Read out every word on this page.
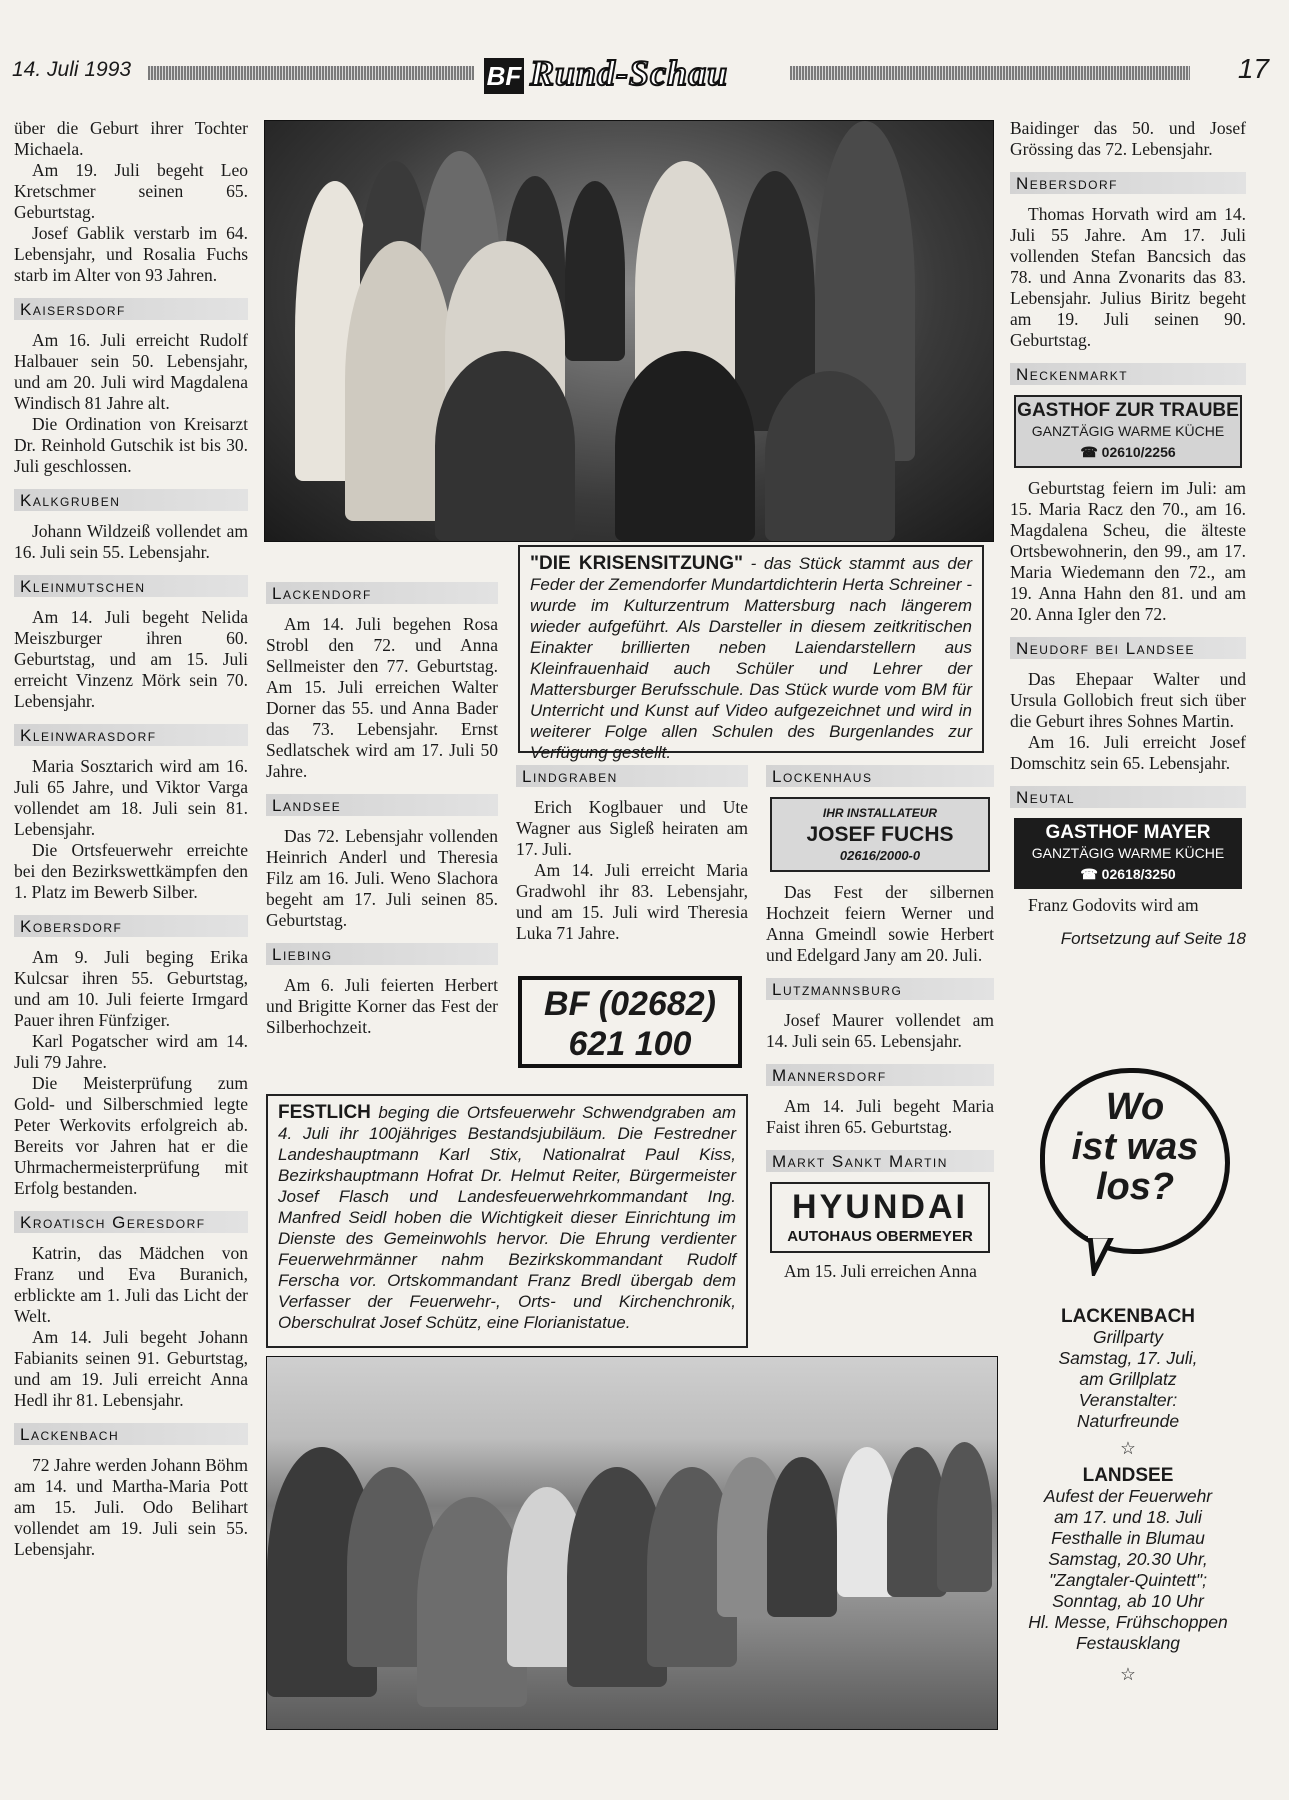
14. Juli 1993	BF Rund-Schau	17

über die Geburt ihrer Tochter Michaela.

Am 19. Juli begeht Leo Kretschmer seinen 65. Geburtstag.

Josef Gablik verstarb im 64. Lebensjahr, und Rosalia Fuchs starb im Alter von 93 Jahren.

Kaisersdorf

Am 16. Juli erreicht Rudolf Halbauer sein 50. Lebensjahr, und am 20. Juli wird Magdalena Windisch 81 Jahre alt.

Die Ordination von Kreisarzt Dr. Reinhold Gutschik ist bis 30. Juli geschlossen.

Kalkgruben

Johann Wildzeiß vollendet am 16. Juli sein 55. Lebensjahr.

Kleinmutschen

Am 14. Juli begeht Nelida Meiszburger ihren 60. Geburtstag, und am 15. Juli erreicht Vinzenz Mörk sein 70. Lebensjahr.

Kleinwarasdorf

Maria Sosztarich wird am 16. Juli 65 Jahre, und Viktor Varga vollendet am 18. Juli sein 81. Lebensjahr.

Die Ortsfeuerwehr erreichte bei den Bezirkswettkämpfen den 1. Platz im Bewerb Silber.

Kobersdorf

Am 9. Juli beging Erika Kulcsar ihren 55. Geburtstag, und am 10. Juli feierte Irmgard Pauer ihren Fünfziger.

Karl Pogatscher wird am 14. Juli 79 Jahre.

Die Meisterprüfung zum Gold- und Silberschmied legte Peter Werkovits erfolgreich ab. Bereits vor Jahren hat er die Uhrmachermeisterprüfung mit Erfolg bestanden.

Kroatisch Geresdorf

Katrin, das Mädchen von Franz und Eva Buranich, erblickte am 1. Juli das Licht der Welt.

Am 14. Juli begeht Johann Fabianits seinen 91. Geburtstag, und am 19. Juli erreicht Anna Hedl ihr 81. Lebensjahr.

Lackenbach

72 Jahre werden Johann Böhm am 14. und Martha-Maria Pott am 15. Juli. Odo Belihart vollendet am 19. Juli sein 55. Lebensjahr.

"DIE KRISENSITZUNG" - das Stück stammt aus der Feder der Zemendorfer Mundartdichterin Herta Schreiner - wurde im Kulturzentrum Mattersburg nach längerem wieder aufgeführt. Als Darsteller in diesem zeitkritischen Einakter brillierten neben Laiendarstellern aus Kleinfrauenhaid auch Schüler und Lehrer der Mattersburger Berufsschule. Das Stück wurde vom BM für Unterricht und Kunst auf Video aufgezeichnet und wird in weiterer Folge allen Schulen des Burgenlandes zur Verfügung gestellt.
Lackendorf

Am 14. Juli begehen Rosa Strobl den 72. und Anna Sellmeister den 77. Geburtstag. Am 15. Juli erreichen Walter Dorner das 55. und Anna Bader das 73. Lebensjahr. Ernst Sedlatschek wird am 17. Juli 50 Jahre.

Landsee

Das 72. Lebensjahr vollenden Heinrich Anderl und Theresia Filz am 16. Juli. Weno Slachora begeht am 17. Juli seinen 85. Geburtstag.

Liebing

Am 6. Juli feierten Herbert und Brigitte Korner das Fest der Silberhochzeit.

Lindgraben

Erich Koglbauer und Ute Wagner aus Sigleß heiraten am 17. Juli.

Am 14. Juli erreicht Maria Gradwohl ihr 83. Lebensjahr, und am 15. Juli wird Theresia Luka 71 Jahre.

BF (02682)
621 100
Lockenhaus
IHR INSTALLATEUR
JOSEF FUCHS
02616/2000-0

Das Fest der silbernen Hochzeit feiern Werner und Anna Gmeindl sowie Herbert und Edelgard Jany am 20. Juli.

Lutzmannsburg

Josef Maurer vollendet am 14. Juli sein 65. Lebensjahr.

Mannersdorf

Am 14. Juli begeht Maria Faist ihren 65. Geburtstag.

Markt Sankt Martin
HYUNDAI
AUTOHAUS OBERMEYER

Am 15. Juli erreichen Anna

FESTLICH beging die Ortsfeuerwehr Schwendgraben am 4. Juli ihr 100jähriges Bestandsjubiläum. Die Festredner Landeshauptmann Karl Stix, Nationalrat Paul Kiss, Bezirkshauptmann Hofrat Dr. Helmut Reiter, Bürgermeister Josef Flasch und Landesfeuerwehrkommandant Ing. Manfred Seidl hoben die Wichtigkeit dieser Einrichtung im Dienste des Gemeinwohls hervor. Die Ehrung verdienter Feuerwehrmänner nahm Bezirkskommandant Rudolf Ferscha vor. Ortskommandant Franz Bredl übergab dem Verfasser der Feuerwehr-, Orts- und Kirchenchronik, Oberschulrat Josef Schütz, eine Florianistatue.

Baidinger das 50. und Josef Grössing das 72. Lebensjahr.

Nebersdorf

Thomas Horvath wird am 14. Juli 55 Jahre. Am 17. Juli vollenden Stefan Bancsich das 78. und Anna Zvonarits das 83. Lebensjahr. Julius Biritz begeht am 19. Juli seinen 90. Geburtstag.

Neckenmarkt
GASTHOF ZUR TRAUBE
GANZTÄGIG WARME KÜCHE
☎ 02610/2256

Geburtstag feiern im Juli: am 15. Maria Racz den 70., am 16. Magdalena Scheu, die älteste Ortsbewohnerin, den 99., am 17. Maria Wiedemann den 72., am 19. Anna Hahn den 81. und am 20. Anna Igler den 72.

Neudorf bei Landsee

Das Ehepaar Walter und Ursula Gollobich freut sich über die Geburt ihres Sohnes Martin.

Am 16. Juli erreicht Josef Domschitz sein 65. Lebensjahr.

Neutal
GASTHOF MAYER
GANZTÄGIG WARME KÜCHE
☎ 02618/3250

Franz Godovits wird am

Fortsetzung auf Seite 18

Wo
ist was
los?
LACKENBACH
Grillparty
Samstag, 17. Juli,
am Grillplatz
Veranstalter:
Naturfreunde
☆
LANDSEE
Aufest der Feuerwehr
am 17. und 18. Juli
Festhalle in Blumau
Samstag, 20.30 Uhr,
"Zangtaler-Quintett";
Sonntag, ab 10 Uhr
Hl. Messe, Frühschoppen
Festausklang
☆
